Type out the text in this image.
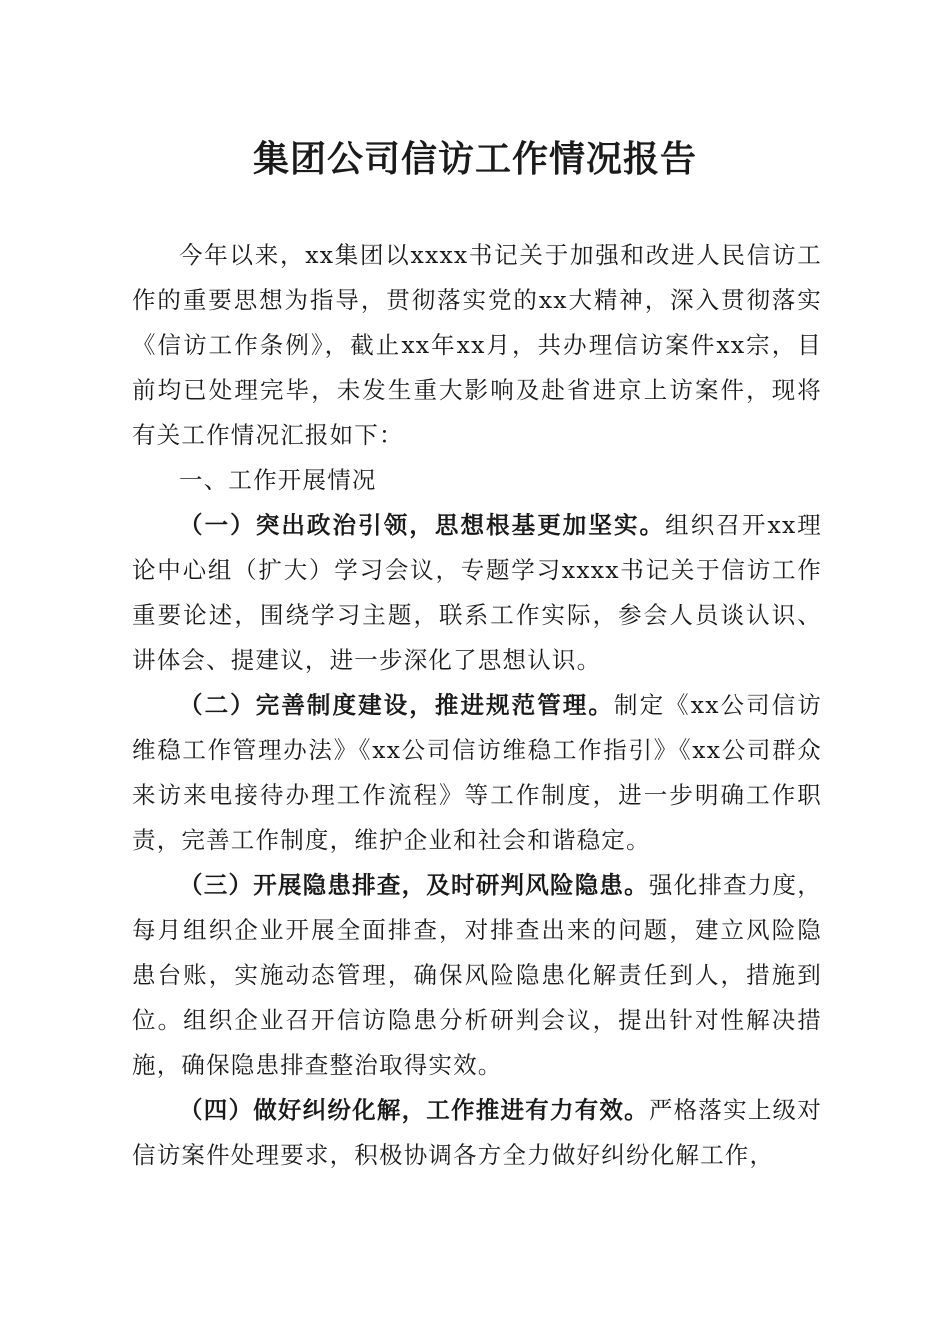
集团公司信访工作情况报告

今年以来，xx集团以xxxx书记关于加强和改进人民信访工作的重要思想为指导，贯彻落实党的xx大精神，深入贯彻落实《信访工作条例》，截止xx年xx月，共办理信访案件xx宗，目前均已处理完毕，未发生重大影响及赴省进京上访案件，现将有关工作情况汇报如下：

一、工作开展情况

（一）突出政治引领，思想根基更加坚实。组织召开xx理论中心组（扩大）学习会议，专题学习xxxx书记关于信访工作重要论述，围绕学习主题，联系工作实际，参会人员谈认识、讲体会、提建议，进一步深化了思想认识。

（二）完善制度建设，推进规范管理。制定《xx公司信访维稳工作管理办法》《xx公司信访维稳工作指引》《xx公司群众来访来电接待办理工作流程》等工作制度，进一步明确工作职责，完善工作制度，维护企业和社会和谐稳定。

（三）开展隐患排查，及时研判风险隐患。强化排查力度，每月组织企业开展全面排查，对排查出来的问题，建立风险隐患台账，实施动态管理，确保风险隐患化解责任到人，措施到位。组织企业召开信访隐患分析研判会议，提出针对性解决措施，确保隐患排查整治取得实效。

（四）做好纠纷化解，工作推进有力有效。严格落实上级对信访案件处理要求，积极协调各方全力做好纠纷化解工作，
